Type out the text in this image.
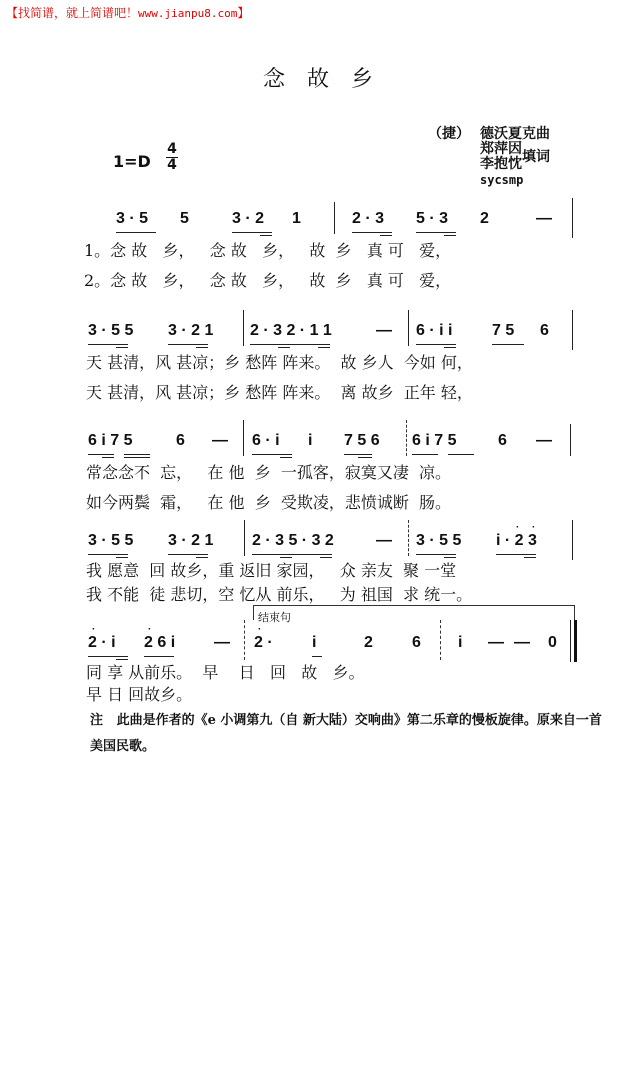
【找简谱，就上简谱吧！www.jianpu8.com】
念故乡
1=D
4
4
（捷） 德沃夏克曲
郑萍因
李抱忱 填词
sycsmp

3 · 5

5

	3 · 2

1

	2 · 3

5 · 3

2

	—

1。念 故   乡，   念 故   乡，   故  乡   真 可   爱，
2。念 故   乡，   念 故   乡，   故  乡   真 可   爱，

3 · 5 5

3 · 2 1

2 · 3 2 · 1 1

	—

6 · i i

7 5

6

天 甚清，风 甚凉；乡 愁阵 阵来。  故 乡人  今如 何，
天 甚清，风 甚凉；乡 愁阵 阵来。  离 故乡  正年 轻，

6 i 7 5

	6

—

6 · i

i

7 5 6

6 i 7 5

	6

—

常念念不  忘，   在 他  乡  一孤客，寂寞又凄  凉。
如今两鬓  霜，   在 他  乡  受欺凌，悲愤诚断  肠。

3 · 5 5

3 · 2 1

2 · 3 5 · 3 2

	—

3 · 5 5

i · 2 3

·

·

我 愿意  回 故乡，重 返旧 家园，   众 亲友  聚 一堂
我 不能  徒 悲切，空 忆从 前乐，   为 祖国  求 统一。
结束句

·

2 · i

·

2 6 i

—

·

2 ·

i

	2

6

i

—

—

0

同 享 从前乐。  早    日   回   故   乡。
早 日 回故乡。
注 此曲是作者的《e 小调第九（自 新大陆）交响曲》第二乐章的慢板旋律。原来自一首美国民歌。
